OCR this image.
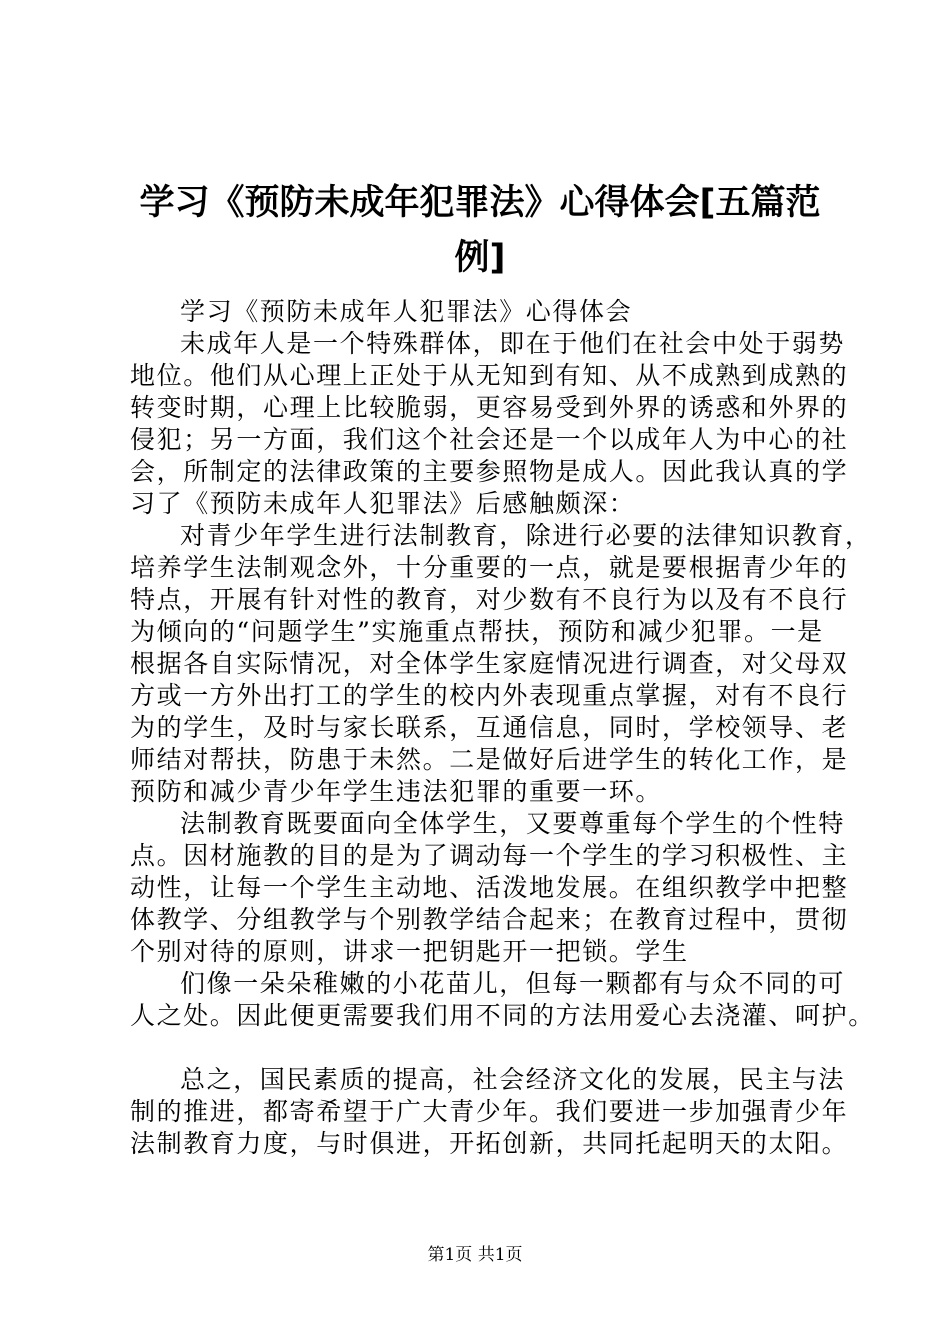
学习《预防未成年犯罪法》心得体会[五篇范
例]

学习《预防未成年人犯罪法》心得体会

未成年人是一个特殊群体，即在于他们在社会中处于弱势

地位。他们从心理上正处于从无知到有知、从不成熟到成熟的

转变时期，心理上比较脆弱，更容易受到外界的诱惑和外界的

侵犯；另一方面，我们这个社会还是一个以成年人为中心的社

会，所制定的法律政策的主要参照物是成人。因此我认真的学

习了《预防未成年人犯罪法》后感触颇深：

对青少年学生进行法制教育，除进行必要的法律知识教育，

培养学生法制观念外，十分重要的一点，就是要根据青少年的

特点，开展有针对性的教育，对少数有不良行为以及有不良行

为倾向的“问题学生”实施重点帮扶，预防和减少犯罪。一是

根据各自实际情况，对全体学生家庭情况进行调查，对父母双

方或一方外出打工的学生的校内外表现重点掌握，对有不良行

为的学生，及时与家长联系，互通信息，同时，学校领导、老

师结对帮扶，防患于未然。二是做好后进学生的转化工作，是

预防和减少青少年学生违法犯罪的重要一环。

法制教育既要面向全体学生，又要尊重每个学生的个性特

点。因材施教的目的是为了调动每一个学生的学习积极性、主

动性，让每一个学生主动地、活泼地发展。在组织教学中把整

体教学、分组教学与个别教学结合起来；在教育过程中，贯彻

个别对待的原则，讲求一把钥匙开一把锁。学生

们像一朵朵稚嫩的小花苗儿，但每一颗都有与众不同的可

人之处。因此便更需要我们用不同的方法用爱心去浇灌、呵护。

总之，国民素质的提高，社会经济文化的发展，民主与法

制的推进，都寄希望于广大青少年。我们要进一步加强青少年

法制教育力度，与时俱进，开拓创新，共同托起明天的太阳。

第1页 共1页
